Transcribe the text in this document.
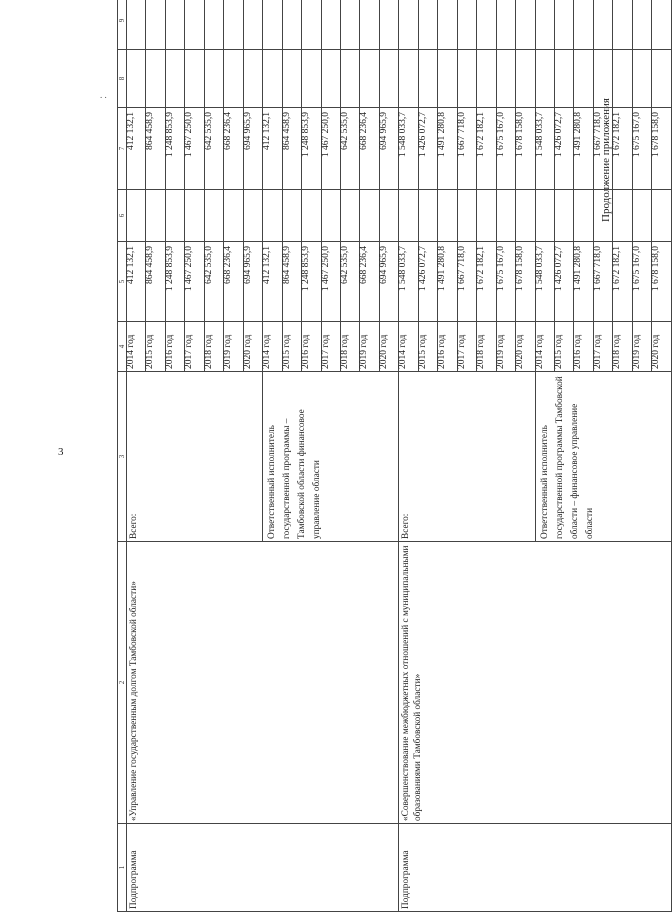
3
. .
Продолжение приложения
1	2	3	4	5	6	7	8	9
Подпрограмма	«Управление государственным долгом Тамбовской области»	Всего:	2014 год	412 132,1		412 132,1		
			2015 год	864 458,9		864 458,9		
			2016 год	1 248 853,9		1 248 853,9		
			2017 год	1 467 250,0		1 467 250,0		
			2018 год	642 535,0		642 535,0		
			2019 год	668 236,4		668 236,4		
			2020 год	694 965,9		694 965,9		
		Ответственный исполнитель государственной программы – Тамбовской области финансовое управление области	2014 год	412 132,1		412 132,1		
			2015 год	864 458,9		864 458,9		
			2016 год	1 248 853,9		1 248 853,9		
			2017 год	1 467 250,0		1 467 250,0		
			2018 год	642 535,0		642 535,0		
			2019 год	668 236,4		668 236,4		
			2020 год	694 965,9		694 965,9		
Подпрограмма	«Совершенствование межбюджетных отношений с муниципальными образованиями Тамбовской области»	Всего:	2014 год	1 548 033,7		1 548 033,7		
			2015 год	1 426 072,7		1 426 072,7		
			2016 год	1 491 280,8		1 491 280,8		
			2017 год	1 667 718,0		1 667 718,0		
			2018 год	1 672 182,1		1 672 182,1		
			2019 год	1 675 167,0		1 675 167,0		
			2020 год	1 678 158,0		1 678 158,0		
		Ответственный исполнитель государственной программы Тамбовской области – финансовое управление области	2014 год	1 548 033,7		1 548 033,7		
			2015 год	1 426 072,7		1 426 072,7		
			2016 год	1 491 280,8		1 491 280,8		
			2017 год	1 667 718,0		1 667 718,0		
			2018 год	1 672 182,1		1 672 182,1		
			2019 год	1 675 167,0		1 675 167,0		
			2020 год	1 678 158,0		1 678 158,0		
